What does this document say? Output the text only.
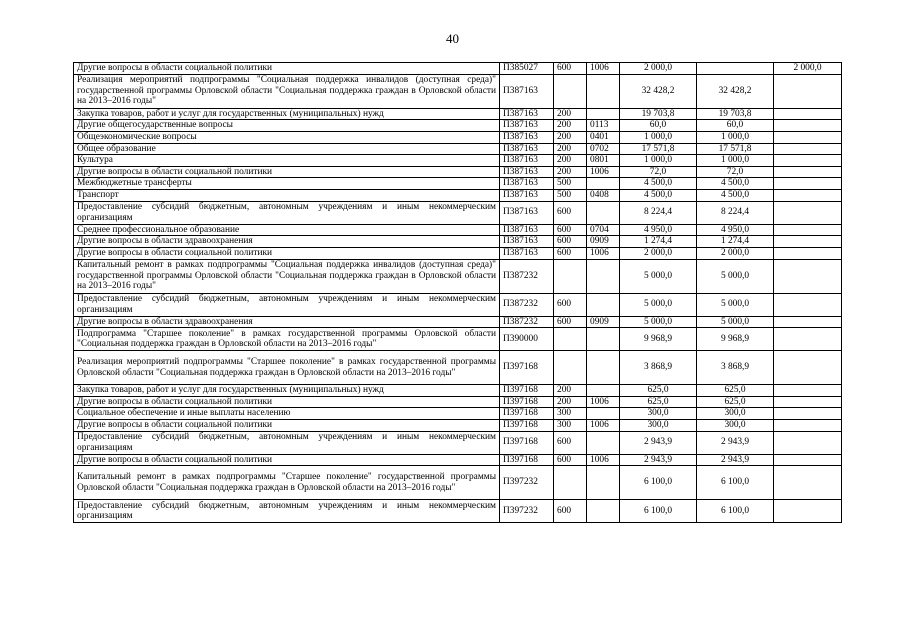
40
Другие вопросы в области социальной политики	П385027	600	1006	2 000,0		2 000,0
Реализация мероприятий подпрограммы "Социальная поддержка инвалидов (доступная среда)" государственной программы Орловской области "Социальная поддержка граждан в Орловской области на 2013–2016 годы"	П387163			32 428,2	32 428,2	
Закупка товаров, работ и услуг для государственных (муниципальных) нужд	П387163	200		19 703,8	19 703,8	
Другие общегосударственные вопросы	П387163	200	0113	60,0	60,0	
Общеэкономические вопросы	П387163	200	0401	1 000,0	1 000,0	
Общее образование	П387163	200	0702	17 571,8	17 571,8	
Культура	П387163	200	0801	1 000,0	1 000,0	
Другие вопросы в области социальной политики	П387163	200	1006	72,0	72,0	
Межбюджетные трансферты	П387163	500		4 500,0	4 500,0	
Транспорт	П387163	500	0408	4 500,0	4 500,0	
Предоставление субсидий бюджетным, автономным учреждениям и иным некоммерческим организациям	П387163	600		8 224,4	8 224,4	
Среднее профессиональное образование	П387163	600	0704	4 950,0	4 950,0	
Другие вопросы в области здравоохранения	П387163	600	0909	1 274,4	1 274,4	
Другие вопросы в области социальной политики	П387163	600	1006	2 000,0	2 000,0	
Капитальный ремонт в рамках подпрограммы "Социальная поддержка инвалидов (доступная среда)" государственной программы Орловской области "Социальная поддержка граждан в Орловской области на 2013–2016 годы"	П387232			5 000,0	5 000,0	
Предоставление субсидий бюджетным, автономным учреждениям и иным некоммерческим организациям	П387232	600		5 000,0	5 000,0	
Другие вопросы в области здравоохранения	П387232	600	0909	5 000,0	5 000,0	
Подпрограмма "Старшее поколение" в рамках государственной программы Орловской области "Социальная поддержка граждан в Орловской области на 2013–2016 годы"	П390000			9 968,9	9 968,9	
Реализация мероприятий подпрограммы "Старшее поколение" в рамках государственной программы Орловской области "Социальная поддержка граждан в Орловской области на 2013–2016 годы"	П397168			3 868,9	3 868,9	
Закупка товаров, работ и услуг для государственных (муниципальных) нужд	П397168	200		625,0	625,0	
Другие вопросы в области социальной политики	П397168	200	1006	625,0	625,0	
Социальное обеспечение и иные выплаты населению	П397168	300		300,0	300,0	
Другие вопросы в области социальной политики	П397168	300	1006	300,0	300,0	
Предоставление субсидий бюджетным, автономным учреждениям и иным некоммерческим организациям	П397168	600		2 943,9	2 943,9	
Другие вопросы в области социальной политики	П397168	600	1006	2 943,9	2 943,9	
Капитальный ремонт в рамках подпрограммы "Старшее поколение" государственной программы Орловской области "Социальная поддержка граждан в Орловской области на 2013–2016 годы"	П397232			6 100,0	6 100,0	
Предоставление субсидий бюджетным, автономным учреждениям и иным некоммерческим организациям	П397232	600		6 100,0	6 100,0	
